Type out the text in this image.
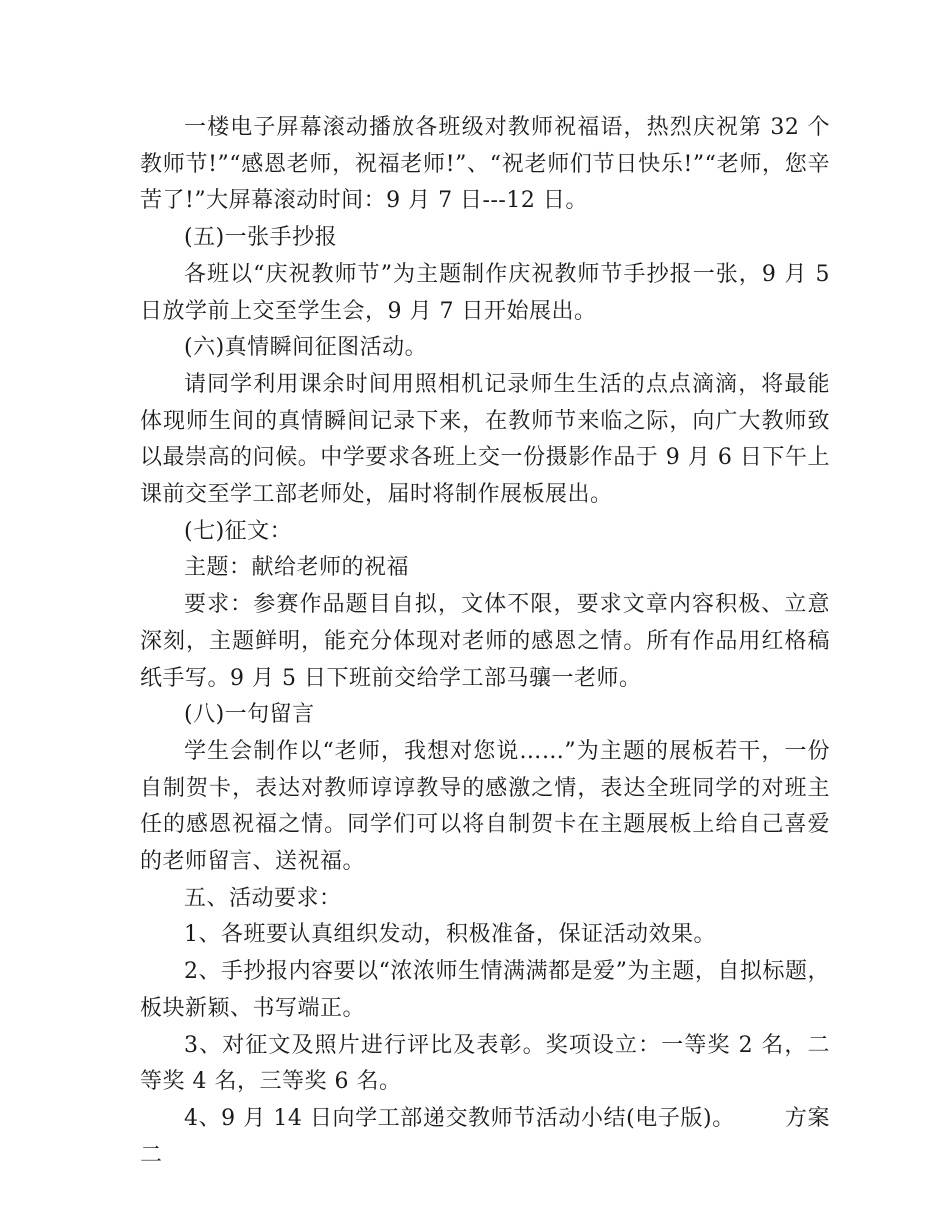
一楼电子屏幕滚动播放各班级对教师祝福语，热烈庆祝第 32 个教师节!”“感恩老师，祝福老师!”、“祝老师们节日快乐!”“老师，您辛苦了!”大屏幕滚动时间：9 月 7 日---12 日。

(五)一张手抄报

各班以“庆祝教师节”为主题制作庆祝教师节手抄报一张，9 月 5 日放学前上交至学生会，9 月 7 日开始展出。

(六)真情瞬间征图活动。

请同学利用课余时间用照相机记录师生生活的点点滴滴，将最能体现师生间的真情瞬间记录下来，在教师节来临之际，向广大教师致以最崇高的问候。中学要求各班上交一份摄影作品于 9 月 6 日下午上课前交至学工部老师处，届时将制作展板展出。

(七)征文：

主题：献给老师的祝福

要求：参赛作品题目自拟，文体不限，要求文章内容积极、立意深刻，主题鲜明，能充分体现对老师的感恩之情。所有作品用红格稿纸手写。9 月 5 日下班前交给学工部马骧一老师。

(八)一句留言

学生会制作以“老师，我想对您说……”为主题的展板若干，一份自制贺卡，表达对教师谆谆教导的感激之情，表达全班同学的对班主任的感恩祝福之情。同学们可以将自制贺卡在主题展板上给自己喜爱的老师留言、送祝福。

五、活动要求：

1、各班要认真组织发动，积极准备，保证活动效果。

2、手抄报内容要以“浓浓师生情满满都是爱”为主题，自拟标题，板块新颖、书写端正。

3、对征文及照片进行评比及表彰。奖项设立：一等奖 2 名，二等奖 4 名，三等奖 6 名。

4、9 月 14 日向学工部递交教师节活动小结(电子版)。 方案二
